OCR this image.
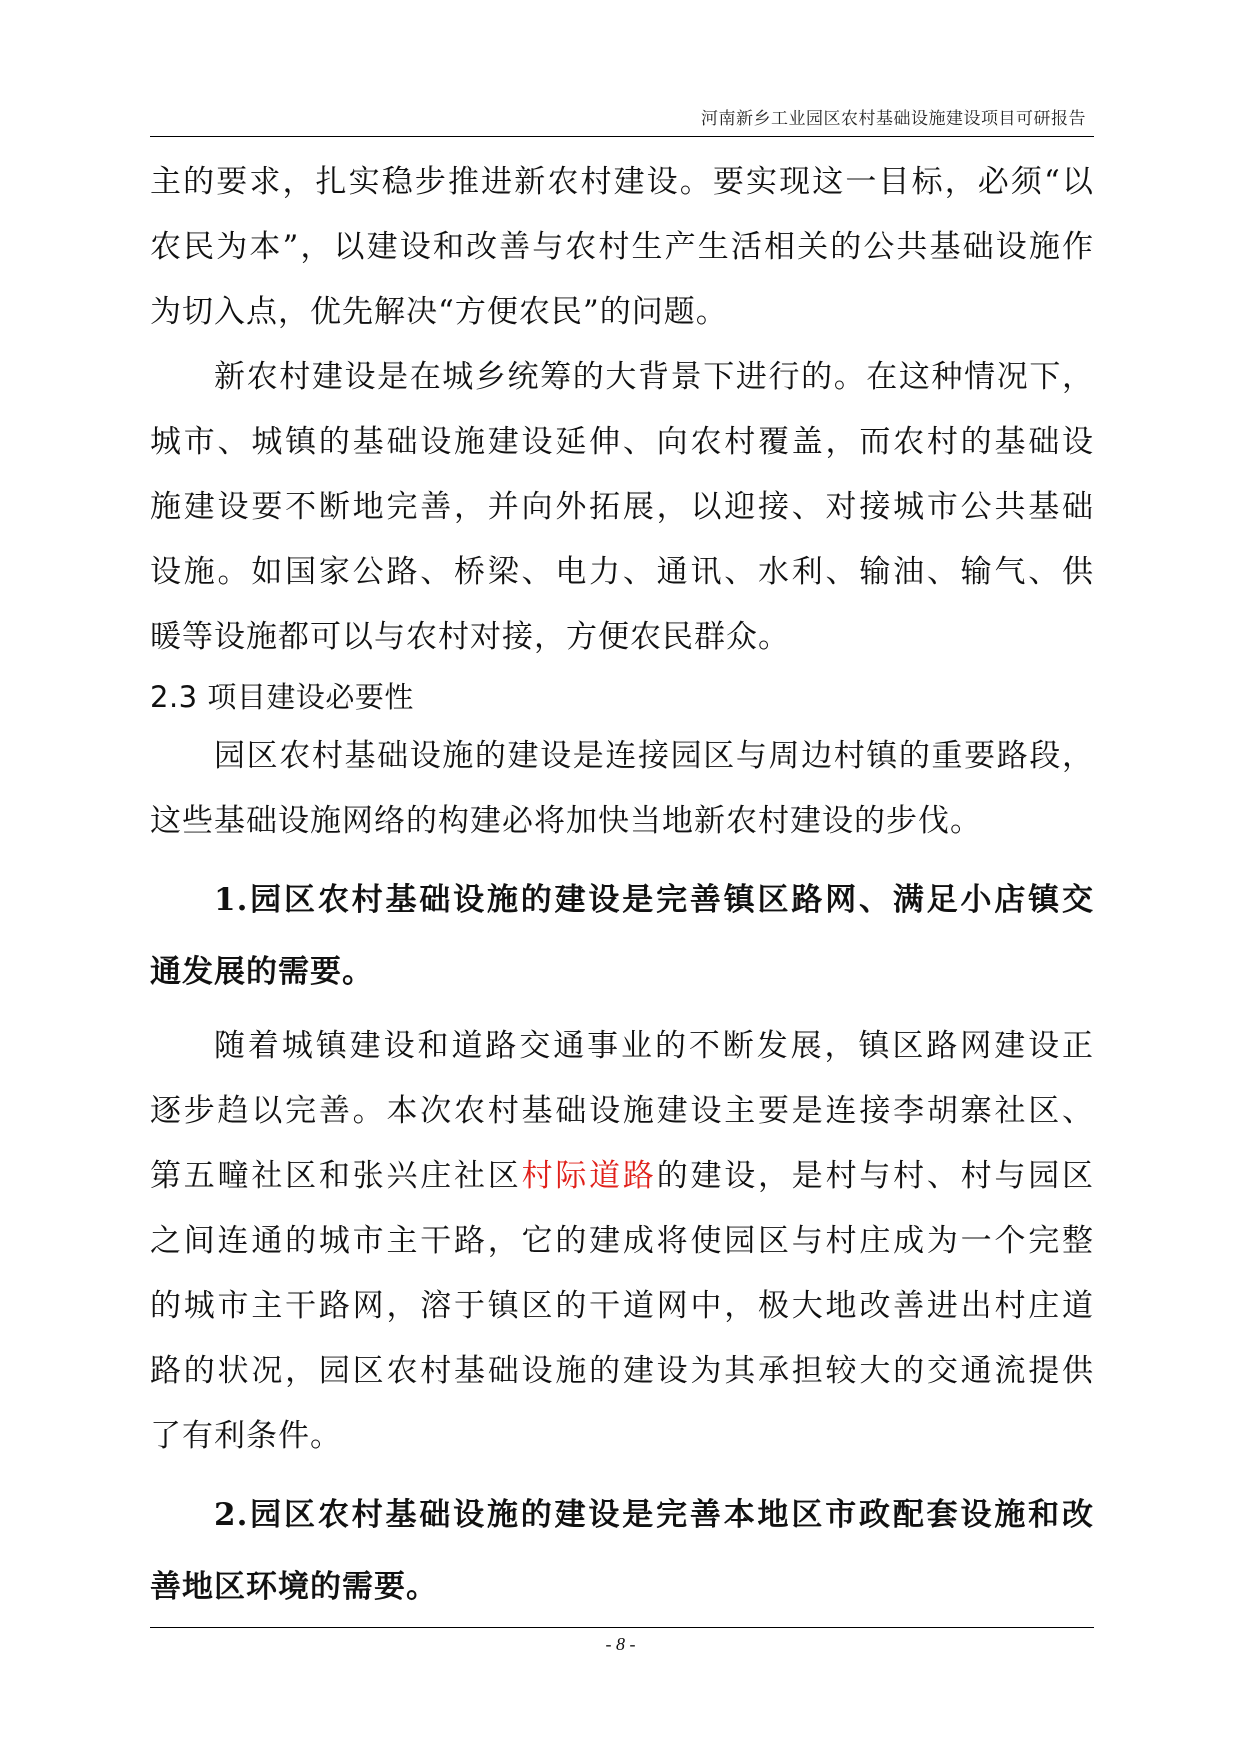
河南新乡工业园区农村基础设施建设项目可研报告
主的要求，扎实稳步推进新农村建设。要实现这一目标，必须“以
农民为本”，以建设和改善与农村生产生活相关的公共基础设施作
为切入点，优先解决“方便农民”的问题。
新农村建设是在城乡统筹的大背景下进行的。在这种情况下，
城市、城镇的基础设施建设延伸、向农村覆盖，而农村的基础设
施建设要不断地完善，并向外拓展，以迎接、对接城市公共基础
设施。如国家公路、桥梁、电力、通讯、水利、输油、输气、供
暖等设施都可以与农村对接，方便农民群众。
2.3 项目建设必要性
园区农村基础设施的建设是连接园区与周边村镇的重要路段，
这些基础设施网络的构建必将加快当地新农村建设的步伐。
1.园区农村基础设施的建设是完善镇区路网、满足小店镇交
通发展的需要。
随着城镇建设和道路交通事业的不断发展，镇区路网建设正
逐步趋以完善。本次农村基础设施建设主要是连接李胡寨社区、
第五疃社区和张兴庄社区村际道路的建设，是村与村、村与园区
之间连通的城市主干路，它的建成将使园区与村庄成为一个完整
的城市主干路网，溶于镇区的干道网中，极大地改善进出村庄道
路的状况，园区农村基础设施的建设为其承担较大的交通流提供
了有利条件。
2.园区农村基础设施的建设是完善本地区市政配套设施和改
善地区环境的需要。
- 8 -
